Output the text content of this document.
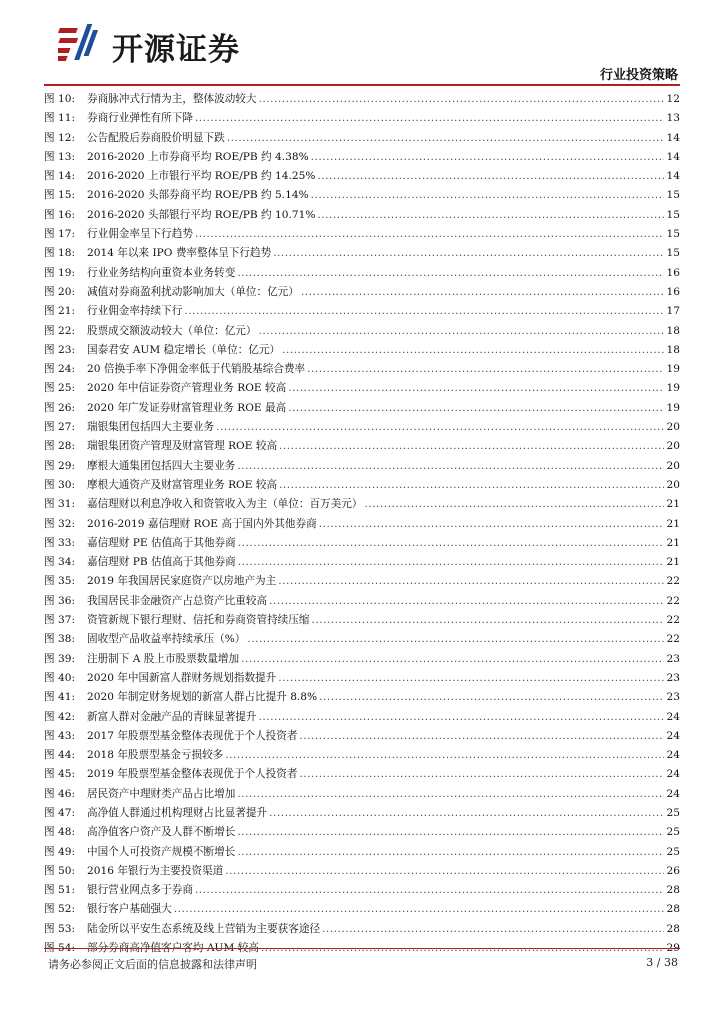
开源证券
行业投资策略
图 10:	券商脉冲式行情为主，整体波动较大 .....	12
图 11:	券商行业弹性有所下降 .....	13
图 12:	公告配股后券商股价明显下跌 .....	14
图 13:	2016-2020 上市券商平均 ROE/PB 约 4.38% .....	14
图 14:	2016-2020 上市银行平均 ROE/PB 约 14.25% .....	14
图 15:	2016-2020 头部券商平均 ROE/PB 约 5.14% .....	15
图 16:	2016-2020 头部银行平均 ROE/PB 约 10.71% .....	15
图 17:	行业佣金率呈下行趋势 .....	15
图 18:	2014 年以来 IPO 费率整体呈下行趋势 .....	15
图 19:	行业业务结构向重资本业务转变 .....	16
图 20:	减值对券商盈利扰动影响加大（单位：亿元） .....	16
图 21:	行业佣金率持续下行 .....	17
图 22:	股票成交额波动较大（单位：亿元） .....	18
图 23:	国泰君安 AUM 稳定增长（单位：亿元） .....	18
图 24:	20 倍换手率下净佣金率低于代销股基综合费率 .....	19
图 25:	2020 年中信证券资产管理业务 ROE 较高 .....	19
图 26:	2020 年广发证券财富管理业务 ROE 最高 .....	19
图 27:	瑞银集团包括四大主要业务 .....	20
图 28:	瑞银集团资产管理及财富管理 ROE 较高 .....	20
图 29:	摩根大通集团包括四大主要业务 .....	20
图 30:	摩根大通资产及财富管理业务 ROE 较高 .....	20
图 31:	嘉信理财以利息净收入和资管收入为主（单位：百万美元） .....	21
图 32:	2016-2019 嘉信理财 ROE 高于国内外其他券商 .....	21
图 33:	嘉信理财 PE 估值高于其他券商 .....	21
图 34:	嘉信理财 PB 估值高于其他券商 .....	21
图 35:	2019 年我国居民家庭资产以房地产为主 .....	22
图 36:	我国居民非金融资产占总资产比重较高 .....	22
图 37:	资管新规下银行理财、信托和券商资管持续压缩 .....	22
图 38:	固收型产品收益率持续承压（%） .....	22
图 39:	注册制下 A 股上市股票数量增加 .....	23
图 40:	2020 年中国新富人群财务规划指数提升 .....	23
图 41:	2020 年制定财务规划的新富人群占比提升 8.8% .....	23
图 42:	新富人群对金融产品的青睐显著提升 .....	24
图 43:	2017 年股票型基金整体表现优于个人投资者 .....	24
图 44:	2018 年股票型基金亏损较多 .....	24
图 45:	2019 年股票型基金整体表现优于个人投资者 .....	24
图 46:	居民资产中理财类产品占比增加 .....	24
图 47:	高净值人群通过机构理财占比显著提升 .....	25
图 48:	高净值客户资产及人群不断增长 .....	25
图 49:	中国个人可投资产规模不断增长 .....	25
图 50:	2016 年银行为主要投资渠道 .....	26
图 51:	银行营业网点多于券商 .....	28
图 52:	银行客户基础强大 .....	28
图 53:	陆金所以平安生态系统及线上营销为主要获客途径 .....	28
图 54:	部分券商高净值客户客均 AUM 较高 .....	29
请务必参阅正文后面的信息披露和法律声明	3 / 38
